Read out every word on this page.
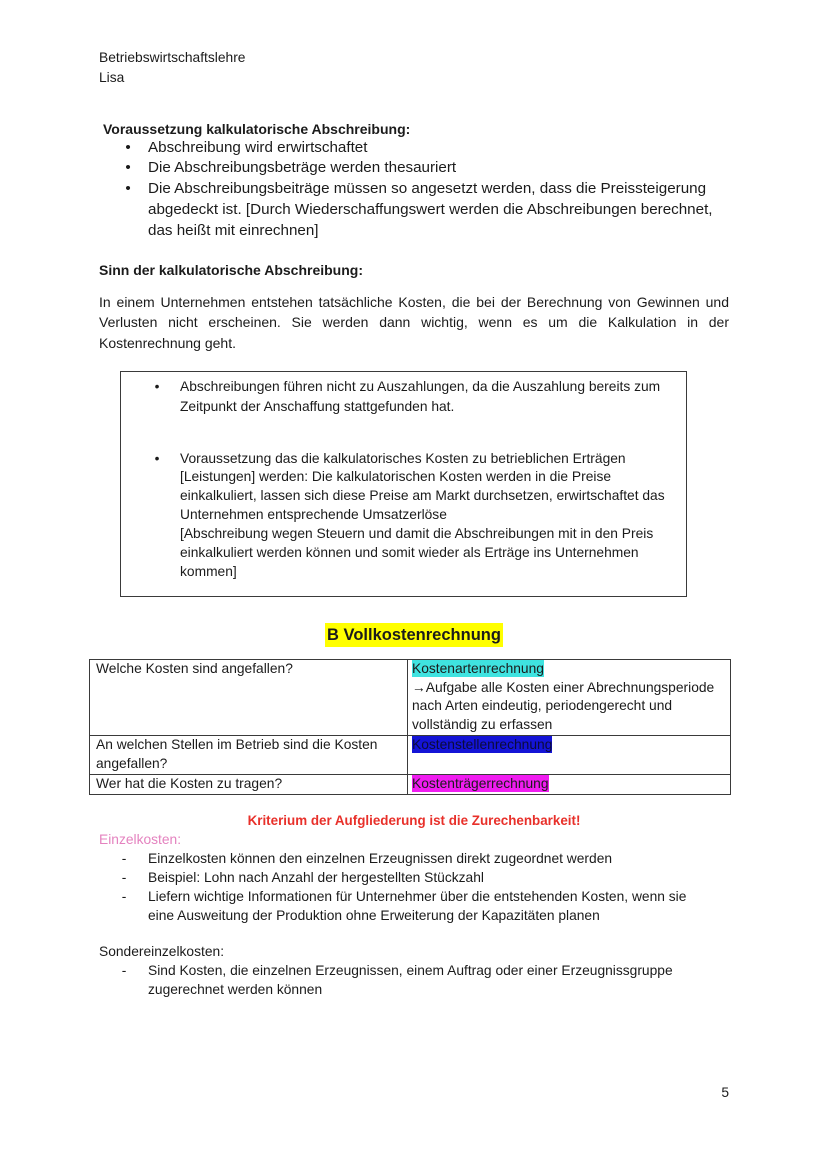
Betriebswirtschaftslehre
Lisa
Voraussetzung kalkulatorische Abschreibung:
•
Abschreibung wird erwirtschaftet
•
Die Abschreibungsbeträge werden thesauriert
•
Die Abschreibungsbeiträge müssen so angesetzt werden, dass die Preissteigerung
abgedeckt ist. [Durch Wiederschaffungswert werden die Abschreibungen berechnet,
das heißt mit einrechnen]
Sinn der kalkulatorische Abschreibung:
In einem Unternehmen entstehen tatsächliche Kosten, die bei der Berechnung von Gewinnen und
Verlusten nicht erscheinen. Sie werden dann wichtig, wenn es um die Kalkulation in der
Kostenrechnung geht.
•
Abschreibungen führen nicht zu Auszahlungen, da die Auszahlung bereits zum
Zeitpunkt der Anschaffung stattgefunden hat.
•
Voraussetzung das die kalkulatorisches Kosten zu betrieblichen Erträgen
[Leistungen] werden: Die kalkulatorischen Kosten werden in die Preise
einkalkuliert, lassen sich diese Preise am Markt durchsetzen, erwirtschaftet das
Unternehmen entsprechende Umsatzerlöse
[Abschreibung wegen Steuern und damit die Abschreibungen mit in den Preis
einkalkuliert werden können und somit wieder als Erträge ins Unternehmen
kommen]
B Vollkostenrechnung
Welche Kosten sind angefallen?	Kostenartenrechnung
→Aufgabe alle Kosten einer Abrechnungsperiode
nach Arten eindeutig, periodengerecht und
vollständig zu erfassen

An welchen Stellen im Betrieb sind die Kosten
angefallen?	Kostenstellenrechnung

Wer hat die Kosten zu tragen?	Kostenträgerrechnung
Kriterium der Aufgliederung ist die Zurechenbarkeit!
Einzelkosten:
-
Einzelkosten können den einzelnen Erzeugnissen direkt zugeordnet werden
-
Beispiel: Lohn nach Anzahl der hergestellten Stückzahl
-
Liefern wichtige Informationen für Unternehmer über die entstehenden Kosten, wenn sie
eine Ausweitung der Produktion ohne Erweiterung der Kapazitäten planen
Sondereinzelkosten:
-
Sind Kosten, die einzelnen Erzeugnissen, einem Auftrag oder einer Erzeugnissgruppe
zugerechnet werden können
5
